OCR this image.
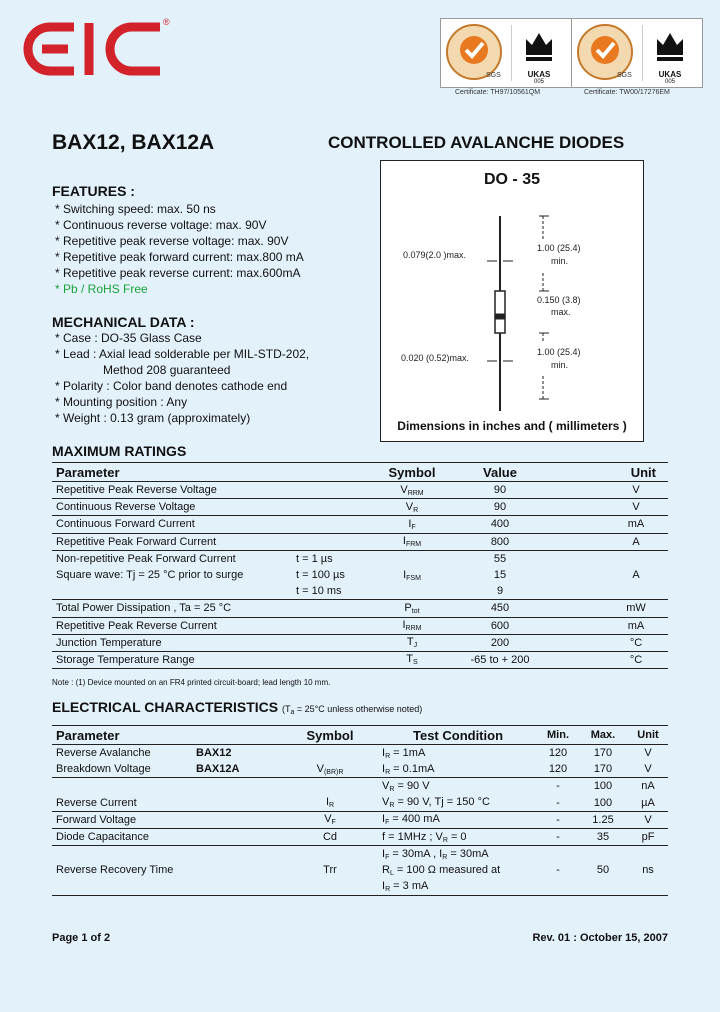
®
SGS	UKAS
005
Certificate: TH97/10561QM
SGS	UKAS
005
Certificate: TW00/17276EM
BAX12, BAX12A	CONTROLLED AVALANCHE DIODES
FEATURES :
* Switching speed: max. 50 ns
* Continuous reverse voltage: max. 90V
* Repetitive peak reverse voltage: max. 90V
* Repetitive peak forward current: max.800 mA
* Repetitive peak reverse current: max.600mA
* Pb / RoHS Free
MECHANICAL DATA :
* Case : DO-35 Glass Case
* Lead : Axial lead solderable per MIL-STD-202,
Method 208 guaranteed
* Polarity : Color band denotes cathode end
* Mounting position : Any
* Weight : 0.13 gram (approximately)
DO - 35
0.079(2.0 )max.
1.00 (25.4)
min.
0.150 (3.8)
max.
0.020 (0.52)max.
1.00 (25.4)
min.
Dimensions in inches and ( millimeters )
MAXIMUM RATINGS
Parameter		Symbol	Value	Unit
Repetitive Peak Reverse Voltage		$V_{RRM}$	90	V
Continuous Reverse Voltage		$V_R$	90	V
Continuous Forward Current		$I_F$	400	mA
Repetitive Peak Forward Current		$I_{FRM}$	800	A
Non-repetitive Peak Forward Current	t = 1 µs		55	
Square wave: Tj = 25 °C prior to surge	t = 100 µs	$I_{FSM}$	15	A
	t = 10 ms		9	
Total Power Dissipation , Ta = 25 °C		$P_{tot}$	450	mW
Repetitive Peak Reverse Current		$I_{RRM}$	600	mA
Junction Temperature		$T_J$	200	°C
Storage Temperature Range		$T_S$	-65 to + 200	°C
Note : (1) Device mounted on an FR4 printed circuit-board; lead length 10 mm.
ELECTRICAL CHARACTERISTICS ($T_a = 25^\circ C$ unless otherwise noted)
Parameter		Symbol	Test Condition	Min.	Max.	Unit
Reverse Avalanche	BAX12		$I_R = 1mA$	120	170	V
Breakdown Voltage	BAX12A	$V_{(BR)R}$	$I_R = 0.1mA$	120	170	V
			$V_R = 90$ V	-	100	nA
Reverse Current		$I_R$	$V_R = 90$ V, Tj = 150 °C	-	100	µA
Forward Voltage		$V_F$	$I_F = 400$ mA	-	1.25	V
Diode Capacitance		Cd	f = 1MHz ; $V_R = 0$	-	35	pF
			$I_F = 30mA$ , $I_R = 30mA$			
Reverse Recovery Time		Trr	$R_L = 100$ Ω measured at	-	50	ns
			$I_R = 3$ mA			
Page 1 of 2	Rev. 01 : October 15, 2007
